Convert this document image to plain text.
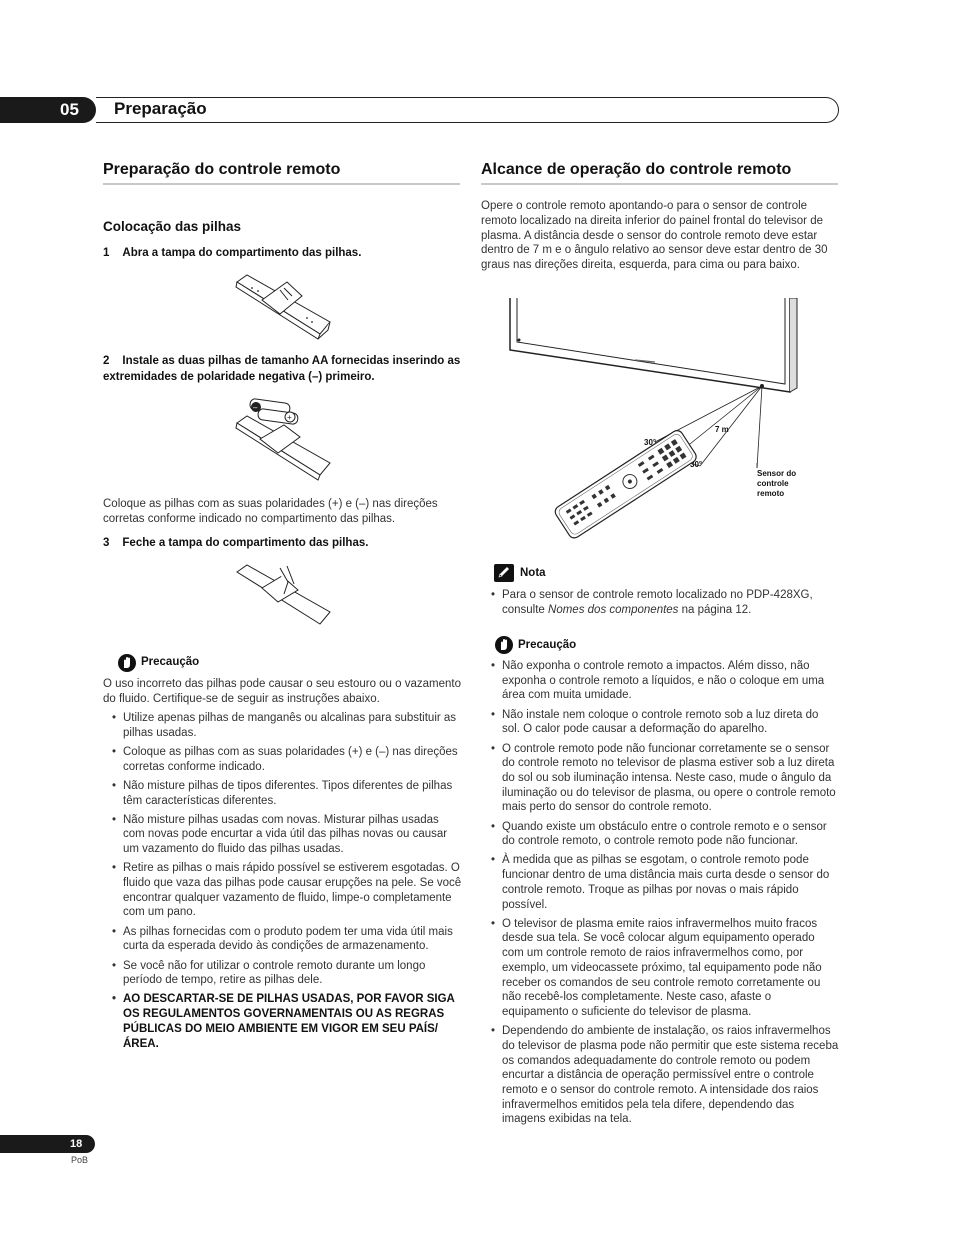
05 Preparação
Preparação do controle remoto
Colocação das pilhas
1 Abra a tampa do compartimento das pilhas.
2 Instale as duas pilhas de tamanho AA fornecidas inserindo as extremidades de polaridade negativa (–) primeiro.
–
+
Coloque as pilhas com as suas polaridades (+) e (–) nas direções corretas conforme indicado no compartimento das pilhas.
3 Feche a tampa do compartimento das pilhas.
Precaução
O uso incorreto das pilhas pode causar o seu estouro ou o vazamento do fluido. Certifique-se de seguir as instruções abaixo.
• Utilize apenas pilhas de manganês ou alcalinas para substituir as pilhas usadas.
• Coloque as pilhas com as suas polaridades (+) e (–) nas direções corretas conforme indicado.
• Não misture pilhas de tipos diferentes. Tipos diferentes de pilhas têm características diferentes.
• Não misture pilhas usadas com novas. Misturar pilhas usadas com novas pode encurtar a vida útil das pilhas novas ou causar um vazamento do fluido das pilhas usadas.
• Retire as pilhas o mais rápido possível se estiverem esgotadas. O fluido que vaza das pilhas pode causar erupções na pele. Se você encontrar qualquer vazamento de fluido, limpe-o completamente com um pano.
• As pilhas fornecidas com o produto podem ter uma vida útil mais curta da esperada devido às condições de armazenamento.
• Se você não for utilizar o controle remoto durante um longo período de tempo, retire as pilhas dele.
• AO DESCARTAR-SE DE PILHAS USADAS, POR FAVOR SIGA OS REGULAMENTOS GOVERNAMENTAIS OU AS REGRAS PÚBLICAS DO MEIO AMBIENTE EM VIGOR EM SEU PAÍS/ ÁREA.
Alcance de operação do controle remoto
Opere o controle remoto apontando-o para o sensor de controle remoto localizado na direita inferior do painel frontal do televisor de plasma. A distância desde o sensor do controle remoto deve estar dentro de 7 m e o ângulo relativo ao sensor deve estar dentro de 30 graus nas direções direita, esquerda, para cima ou para baixo.
7 m
30°
30°
Sensor do
controle
remoto
Nota
• Para o sensor de controle remoto localizado no PDP-428XG, consulte Nomes dos componentes na página 12.
Precaução
• Não exponha o controle remoto a impactos. Além disso, não exponha o controle remoto a líquidos, e não o coloque em uma área com muita umidade.
• Não instale nem coloque o controle remoto sob a luz direta do sol. O calor pode causar a deformação do aparelho.
• O controle remoto pode não funcionar corretamente se o sensor do controle remoto no televisor de plasma estiver sob a luz direta do sol ou sob iluminação intensa. Neste caso, mude o ângulo da iluminação ou do televisor de plasma, ou opere o controle remoto mais perto do sensor do controle remoto.
• Quando existe um obstáculo entre o controle remoto e o sensor do controle remoto, o controle remoto pode não funcionar.
• À medida que as pilhas se esgotam, o controle remoto pode funcionar dentro de uma distância mais curta desde o sensor do controle remoto. Troque as pilhas por novas o mais rápido possível.
• O televisor de plasma emite raios infravermelhos muito fracos desde sua tela. Se você colocar algum equipamento operado com um controle remoto de raios infravermelhos como, por exemplo, um videocassete próximo, tal equipamento pode não receber os comandos de seu controle remoto corretamente ou não recebê-los completamente. Neste caso, afaste o equipamento o suficiente do televisor de plasma.
• Dependendo do ambiente de instalação, os raios infravermelhos do televisor de plasma pode não permitir que este sistema receba os comandos adequadamente do controle remoto ou podem encurtar a distância de operação permissível entre o controle remoto e o sensor do controle remoto. A intensidade dos raios infravermelhos emitidos pela tela difere, dependendo das imagens exibidas na tela.
18
PoB
